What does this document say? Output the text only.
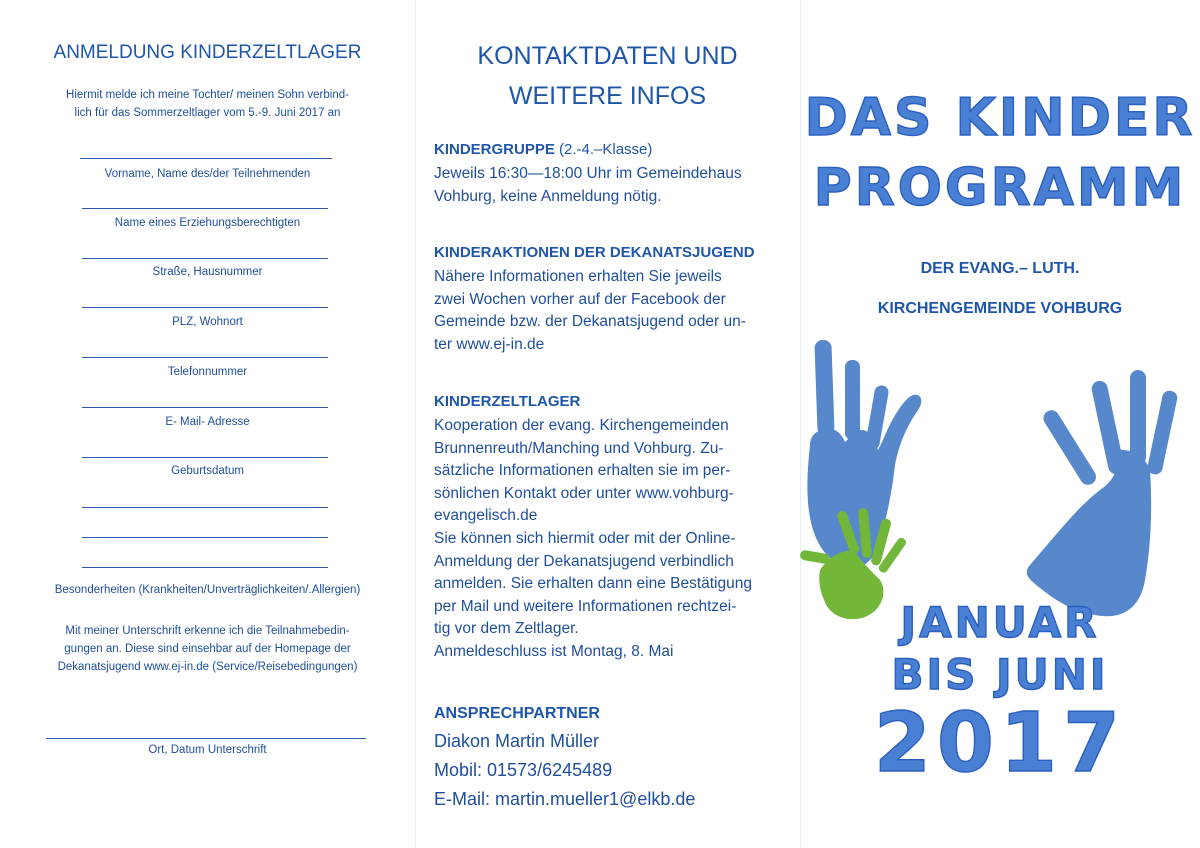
ANMELDUNG KINDERZELTLAGER
Hiermit melde ich meine Tochter/ meinen Sohn verbind-
lich für das Sommerzeltlager vom 5.-9. Juni 2017 an
Vorname, Name des/der Teilnehmenden
Name eines Erziehungsberechtigten
Straße, Hausnummer
PLZ, Wohnort
Telefonnummer
E- Mail- Adresse
Geburtsdatum
Besonderheiten (Krankheiten/Unverträglichkeiten/.Allergien)
Mit meiner Unterschrift erkenne ich die Teilnahmebedin-
gungen an. Diese sind einsehbar auf der Homepage der
Dekanatsjugend www.ej-in.de (Service/Reisebedingungen)
Ort, Datum Unterschrift
KONTAKTDATEN UND
WEITERE INFOS
KINDERGRUPPE (2.-4.–Klasse)
Jeweils 16:30—18:00 Uhr im Gemeindehaus
Vohburg, keine Anmeldung nötig.
KINDERAKTIONEN DER DEKANATSJUGEND
Nähere Informationen erhalten Sie jeweils
zwei Wochen vorher auf der Facebook der
Gemeinde bzw. der Dekanatsjugend oder un-
ter www.ej-in.de
KINDERZELTLAGER
Kooperation der evang. Kirchengemeinden
Brunnenreuth/Manching und Vohburg. Zu-
sätzliche Informationen erhalten sie im per-
sönlichen Kontakt oder unter www.vohburg-
evangelisch.de
Sie können sich hiermit oder mit der Online-
Anmeldung der Dekanatsjugend verbindlich
anmelden. Sie erhalten dann eine Bestätigung
per Mail und weitere Informationen rechtzei-
tig vor dem Zeltlager.
Anmeldeschluss ist Montag, 8. Mai
ANSPRECHPARTNER
Diakon Martin Müller
Mobil: 01573/6245489
E-Mail: martin.mueller1@elkb.de
DAS KINDER
PROGRAMM
DER EVANG.– LUTH.
KIRCHENGEMEINDE VOHBURG
JANUAR
BIS JUNI
2017
